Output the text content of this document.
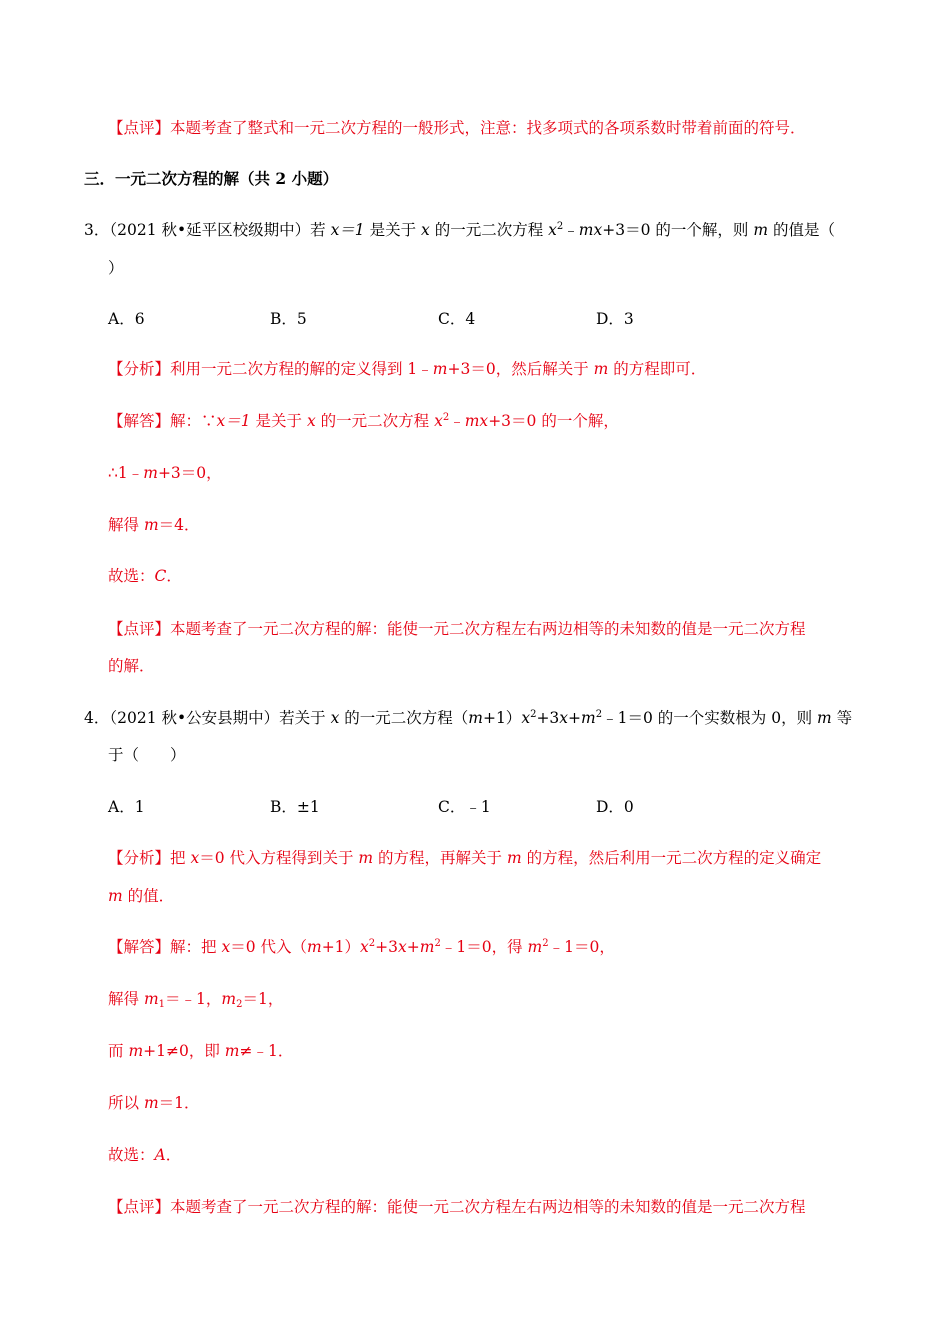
【点评】本题考查了整式和一元二次方程的一般形式，注意：找多项式的各项系数时带着前面的符号．
三．一元二次方程的解（共 2 小题）
3．（2021 秋•延平区校级期中）若 x＝1 是关于 x 的一元二次方程 $x^2﹣mx+3=0$ 的一个解，则 m 的值是（
）
A．6	B．5	C．4	D．3
【分析】利用一元二次方程的解的定义得到 1﹣m+3＝0，然后解关于 m 的方程即可．
【解答】解：∵x＝1 是关于 x 的一元二次方程 $x^2﹣mx+3=0$ 的一个解，
∴1﹣m+3＝0，
解得 m＝4．
故选：C．
【点评】本题考查了一元二次方程的解：能使一元二次方程左右两边相等的未知数的值是一元二次方程
的解．
4．（2021 秋•公安县期中）若关于 x 的一元二次方程$(m+1)x^2+3x+m^2﹣1=0$ 的一个实数根为 0，则 m 等
于（　　）
A．1	B．±1	C．﹣1	D．0
【分析】把 x＝0 代入方程得到关于 m 的方程，再解关于 m 的方程，然后利用一元二次方程的定义确定
m 的值．
【解答】解：把 x＝0 代入$(m+1)x^2+3x+m^2﹣1=0$，得 $m^2﹣1=0$，
解得 $m_1=﹣1$，$m_2=1$，
而 m+1≠0，即 m≠﹣1．
所以 m＝1．
故选：A．
【点评】本题考查了一元二次方程的解：能使一元二次方程左右两边相等的未知数的值是一元二次方程
